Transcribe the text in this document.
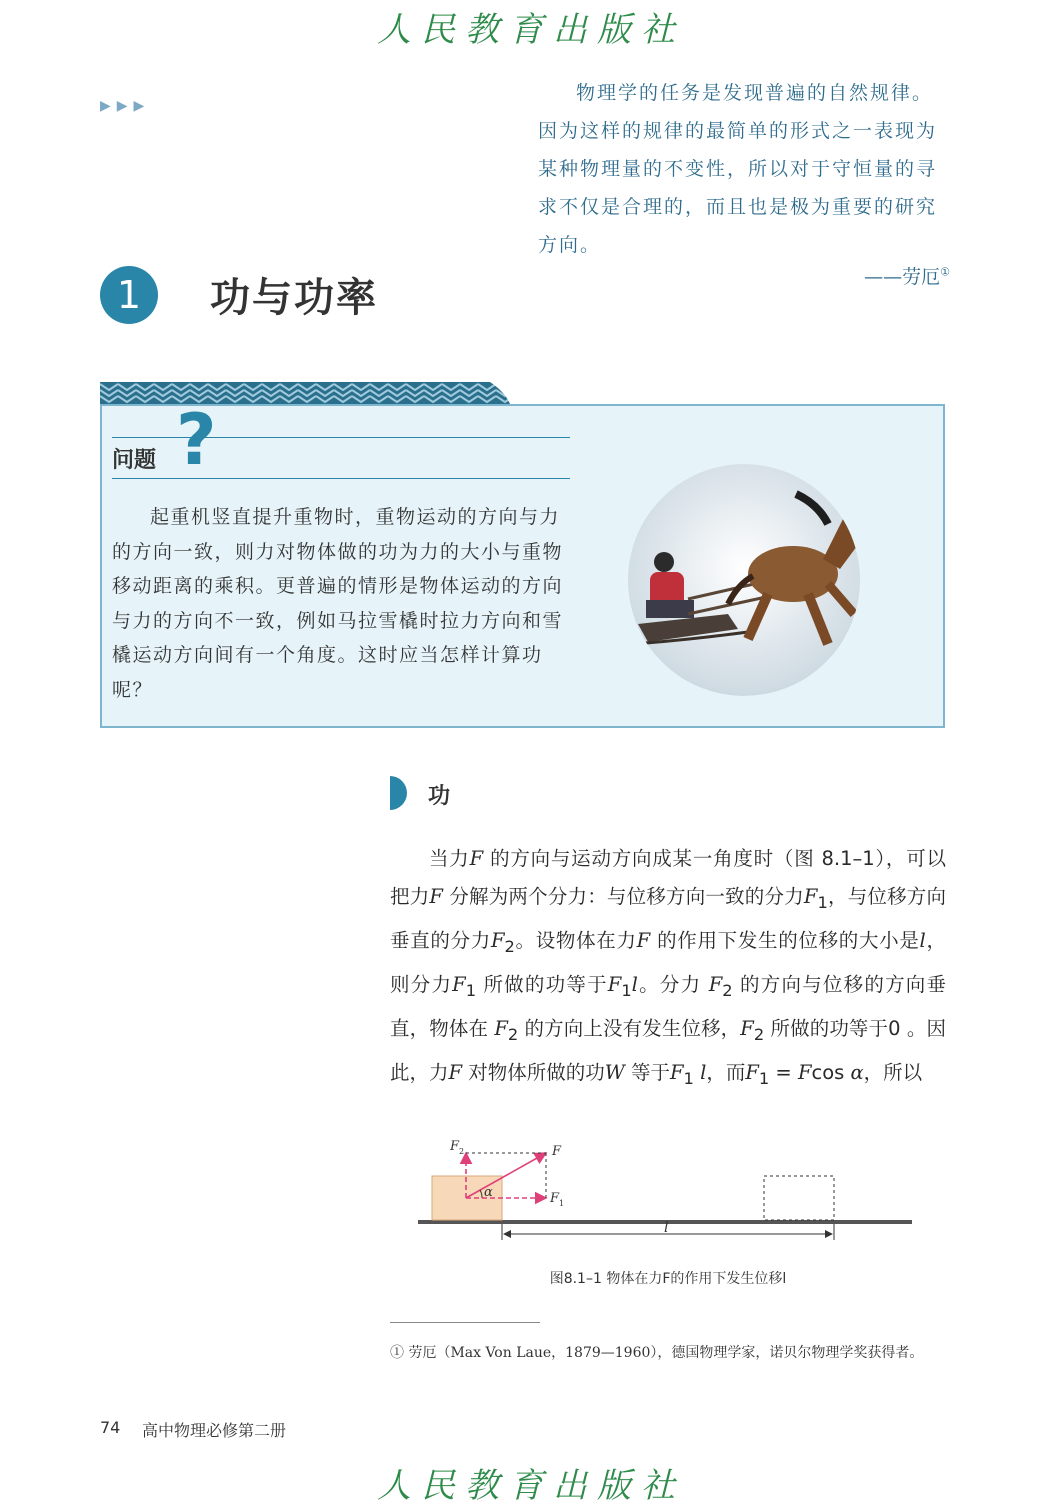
人民教育出版社
▶▶▶
物理学的任务是发现普遍的自然规律。因为这样的规律的最简单的形式之一表现为某种物理量的不变性，所以对于守恒量的寻求不仅是合理的，而且也是极为重要的研究方向。
——劳厄①
1	功与功率
问题 ?
起重机竖直提升重物时，重物运动的方向与力的方向一致，则力对物体做的功为力的大小与重物移动距离的乘积。更普遍的情形是物体运动的方向与力的方向不一致，例如马拉雪橇时拉力方向和雪橇运动方向间有一个角度。这时应当怎样计算功呢？
功
当力F 的方向与运动方向成某一角度时（图 8.1–1），可以把力F 分解为两个分力：与位移方向一致的分力$F_1$，与位移方向垂直的分力$F_2$。设物体在力F 的作用下发生的位移的大小是l，则分力$F_1$ 所做的功等于$F_1l$。分力 $F_2$ 的方向与位移的方向垂直，物体在 $F_2$ 的方向上没有发生位移，$F_2$ 所做的功等于0 。因此，力F 对物体所做的功W 等于$F_1$ l，而$F_1 = Fcos$ α，所以
F
F 1
F 2
α
l
图8.1–1 物体在力F的作用下发生位移l
① 劳厄（Max Von Laue，1879—1960），德国物理学家，诺贝尔物理学奖获得者。
74 高中物理必修第二册
人民教育出版社
